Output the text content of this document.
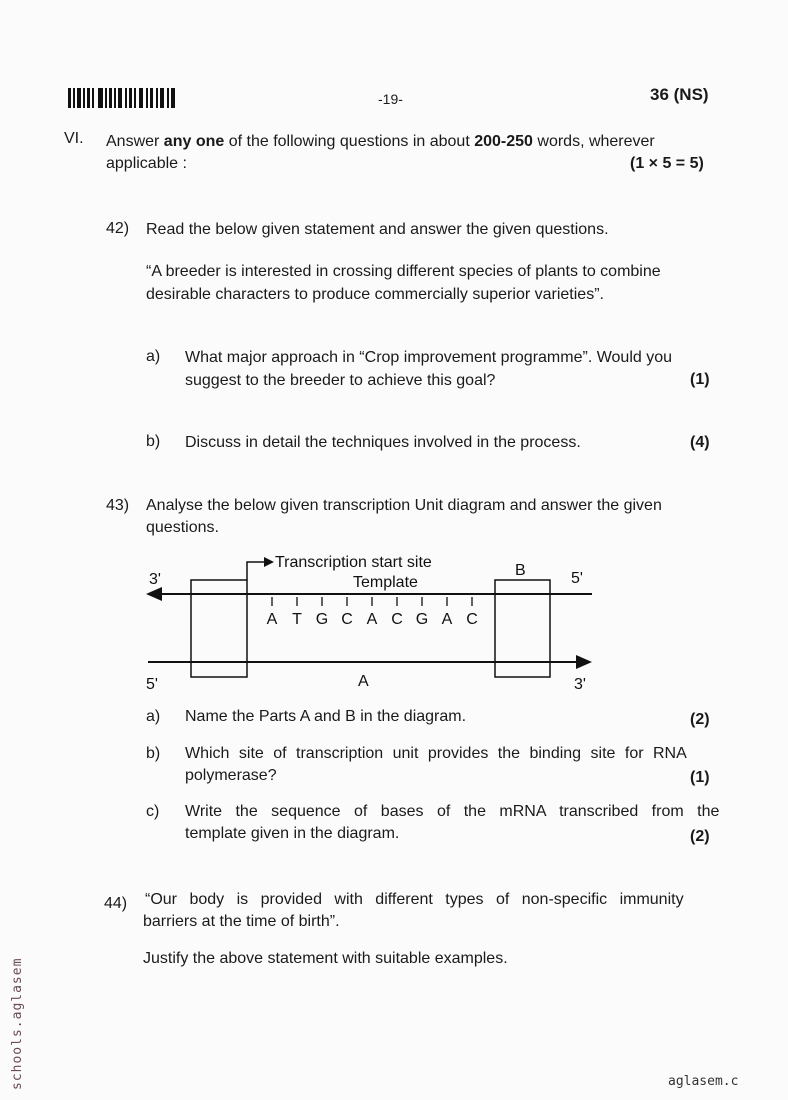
-19-	36 (NS)
VI. Answer any one of the following questions in about 200-250 words, wherever
applicable :	(1 × 5 = 5)
42) Read the below given statement and answer the given questions.
“A breeder is interested in crossing different species of plants to combine
desirable characters to produce commercially superior varieties”.
a) What major approach in “Crop improvement programme”. Would you
suggest to the breeder to achieve this goal?	(1)
b) Discuss in detail the techniques involved in the process.	(4)
43) Analyse the below given transcription Unit diagram and answer the given
questions.
Transcription start site
Template
B
A
3'	5'
5'	3'
A T G C A C G A C
a) Name the Parts A and B in the diagram.	(2)
b) Which site of transcription unit provides the binding site for RNA
polymerase?	(1)
c) Write the sequence of bases of the mRNA transcribed from the
template given in the diagram.	(2)
44) “Our body is provided with different types of non-specific immunity
barriers at the time of birth”.
Justify the above statement with suitable examples.
schools.aglasem	aglasem.c
